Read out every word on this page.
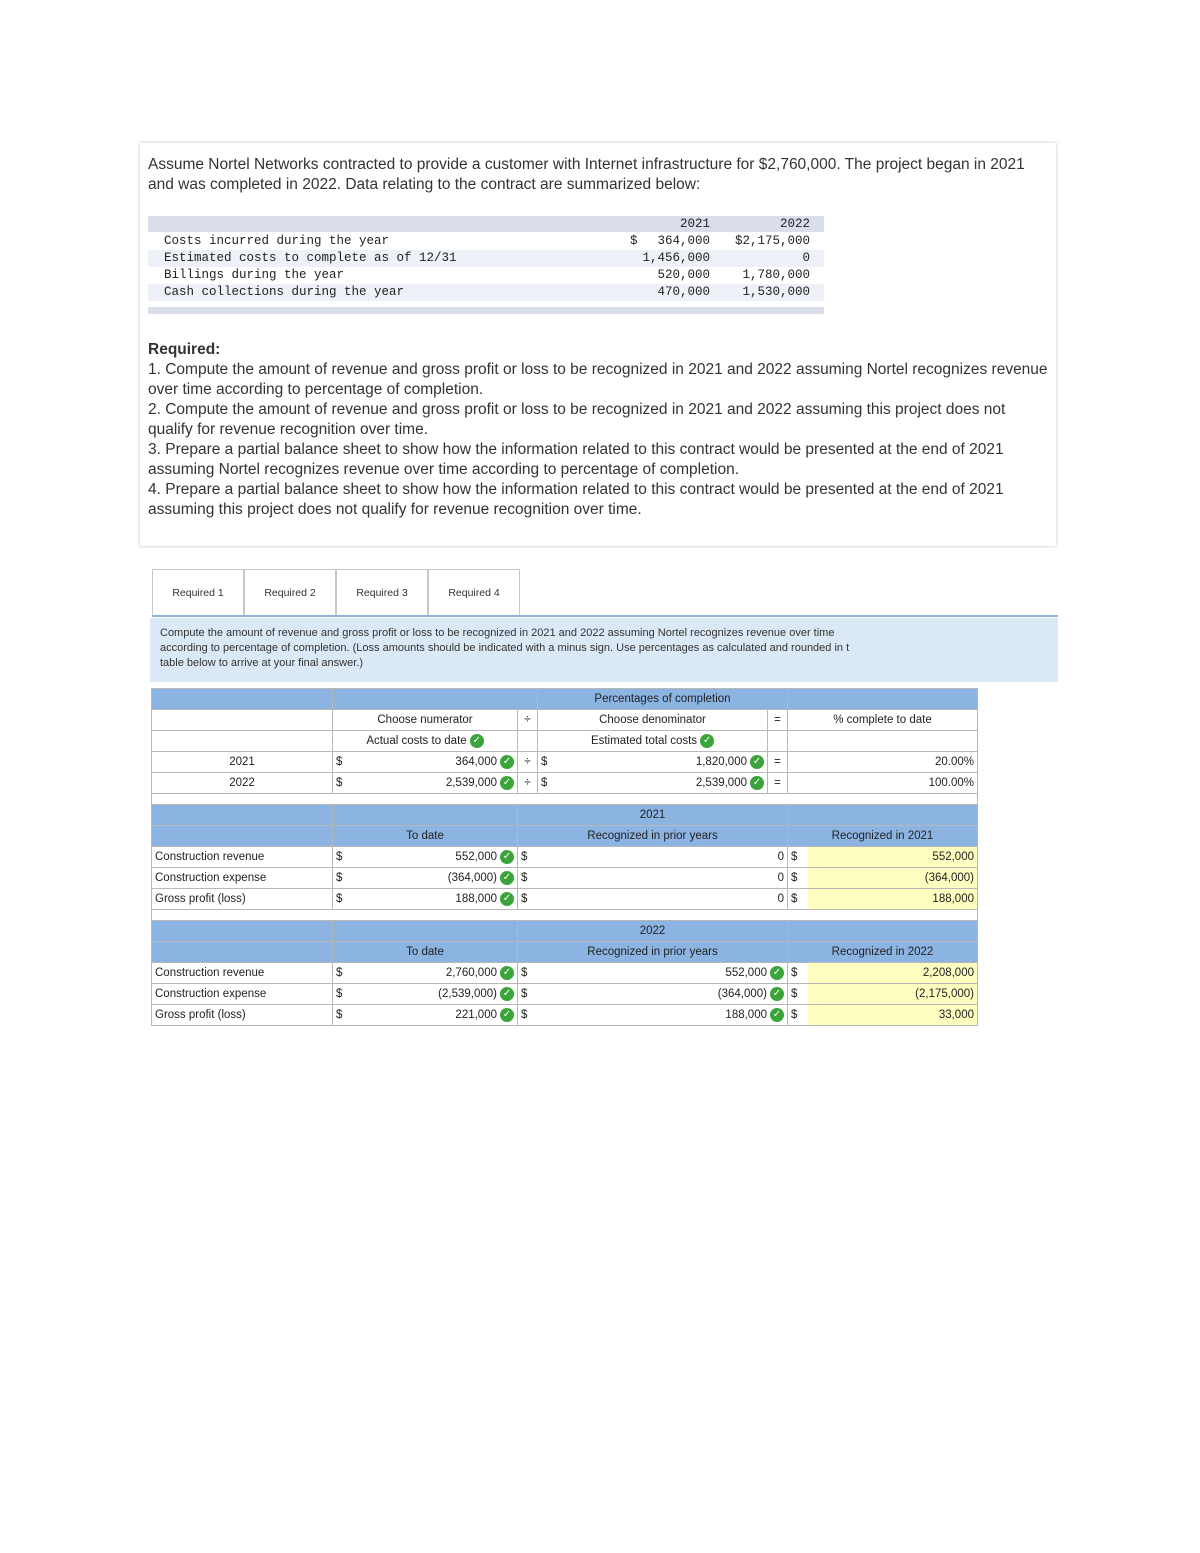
Assume Nortel Networks contracted to provide a customer with Internet infrastructure for $2,760,000. The project began in 2021 and was completed in 2022. Data relating to the contract are summarized below:
2021	2022
Costs incurred during the year	$	364,000	$2,175,000
Estimated costs to complete as of 12/31	1,456,000	0
Billings during the year	520,000	1,780,000
Cash collections during the year	470,000	1,530,000
Required:
1. Compute the amount of revenue and gross profit or loss to be recognized in 2021 and 2022 assuming Nortel recognizes revenue over time according to percentage of completion.
2. Compute the amount of revenue and gross profit or loss to be recognized in 2021 and 2022 assuming this project does not qualify for revenue recognition over time.
3. Prepare a partial balance sheet to show how the information related to this contract would be presented at the end of 2021 assuming Nortel recognizes revenue over time according to percentage of completion.
4. Prepare a partial balance sheet to show how the information related to this contract would be presented at the end of 2021 assuming this project does not qualify for revenue recognition over time.
Required 1	Required 2	Required 3	Required 4
Compute the amount of revenue and gross profit or loss to be recognized in 2021 and 2022 assuming Nortel recognizes revenue over time
according to percentage of completion. (Loss amounts should be indicated with a minus sign. Use percentages as calculated and rounded in t
table below to arrive at your final answer.)
				Percentages of completion				
	Choose numerator		÷	Choose denominator		=	% complete to date	
	Actual costs to date ✓			Estimated total costs ✓				
2021	$	364,000 ✓	÷	$	1,820,000 ✓	=	20.00%	
2022	$	2,539,000 ✓	÷	$	2,539,000 ✓	=	100.00%	

			2021					
	To date		Recognized in prior years				Recognized in 2021	
Construction revenue	$	552,000 ✓	$	0			$	552,000
Construction expense	$	(364,000) ✓	$	0			$	(364,000)
Gross profit (loss)	$	188,000 ✓	$	0			$	188,000

			2022					
	To date		Recognized in prior years				Recognized in 2022	
Construction revenue	$	2,760,000 ✓	$	552,000 ✓			$	2,208,000
Construction expense	$	(2,539,000) ✓	$	(364,000) ✓			$	(2,175,000)
Gross profit (loss)	$	221,000 ✓	$	188,000 ✓			$	33,000
